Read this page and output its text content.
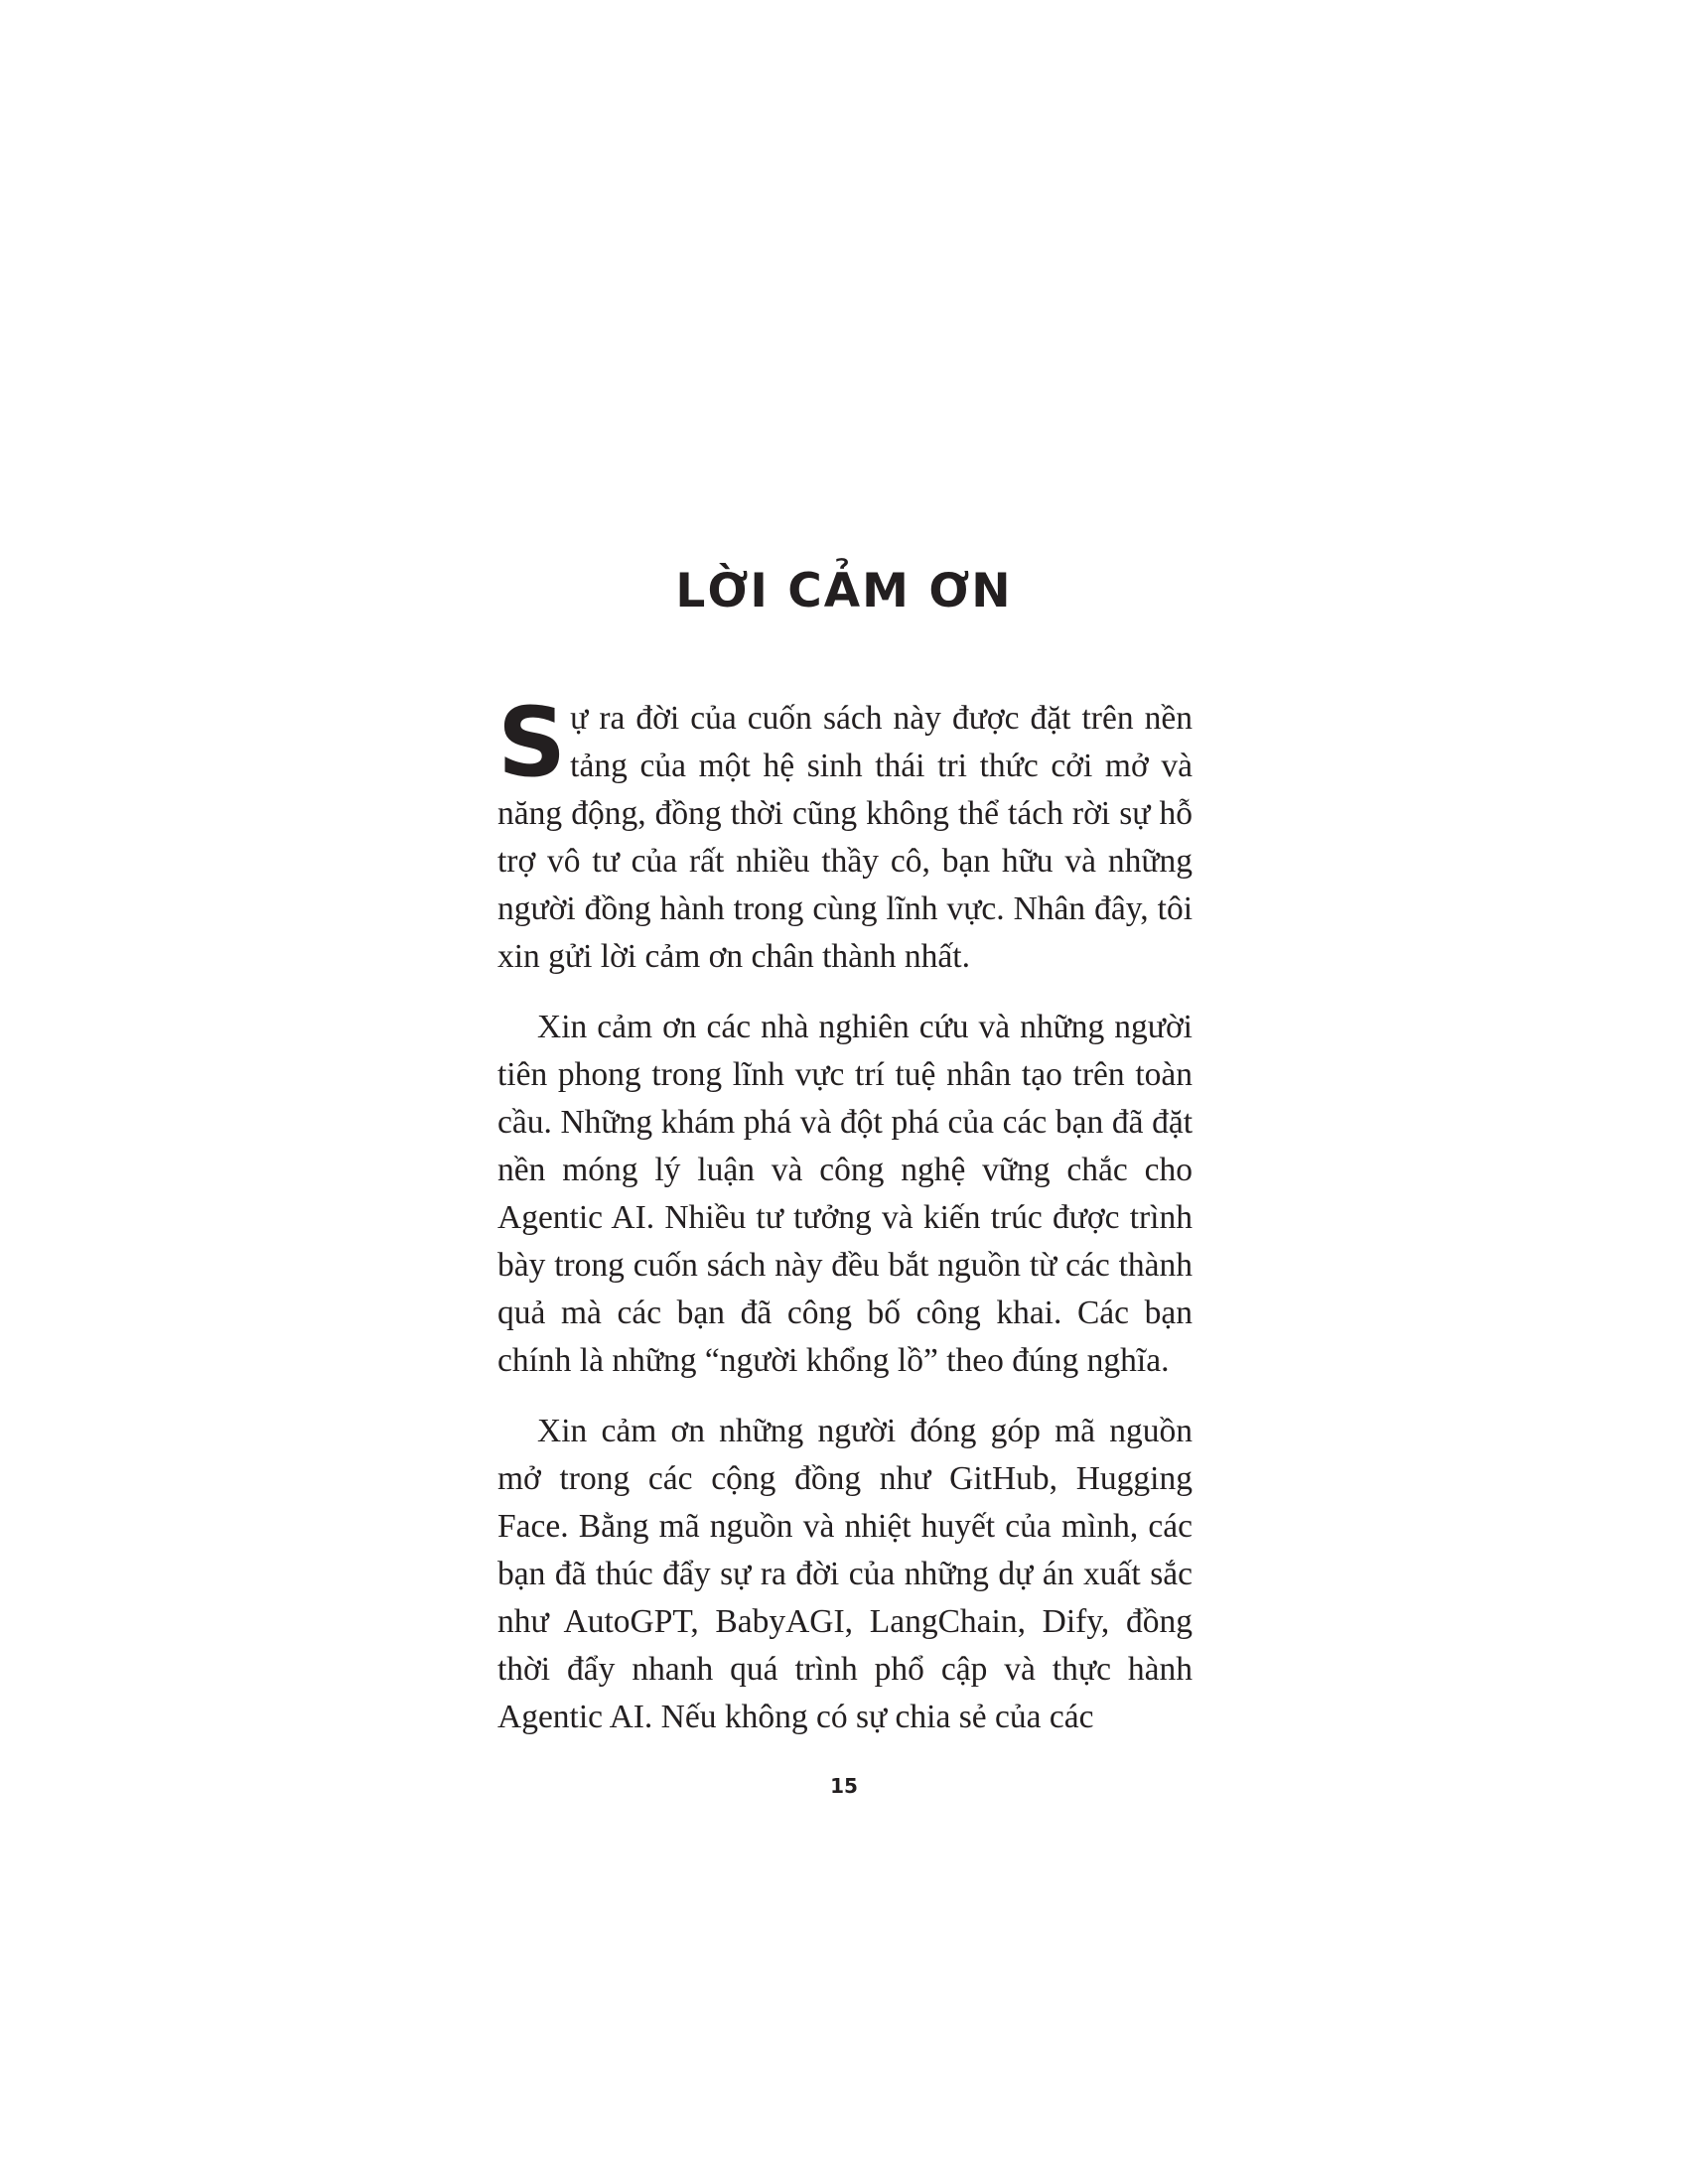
LỜI CẢM ƠN

Sự ra đời của cuốn sách này được đặt trên nền tảng của một hệ sinh thái tri thức cởi mở và năng động, đồng thời cũng không thể tách rời sự hỗ trợ vô tư của rất nhiều thầy cô, bạn hữu và những người đồng hành trong cùng lĩnh vực. Nhân đây, tôi xin gửi lời cảm ơn chân thành nhất.

Xin cảm ơn các nhà nghiên cứu và những người tiên phong trong lĩnh vực trí tuệ nhân tạo trên toàn cầu. Những khám phá và đột phá của các bạn đã đặt nền móng lý luận và công nghệ vững chắc cho Agentic AI. Nhiều tư tưởng và kiến trúc được trình bày trong cuốn sách này đều bắt nguồn từ các thành quả mà các bạn đã công bố công khai. Các bạn chính là những “người khổng lồ” theo đúng nghĩa.

Xin cảm ơn những người đóng góp mã nguồn mở trong các cộng đồng như GitHub, Hugging Face. Bằng mã nguồn và nhiệt huyết của mình, các bạn đã thúc đẩy sự ra đời của những dự án xuất sắc như AutoGPT, BabyAGI, LangChain, Dify, đồng thời đẩy nhanh quá trình phổ cập và thực hành Agentic AI. Nếu không có sự chia sẻ của các

15
